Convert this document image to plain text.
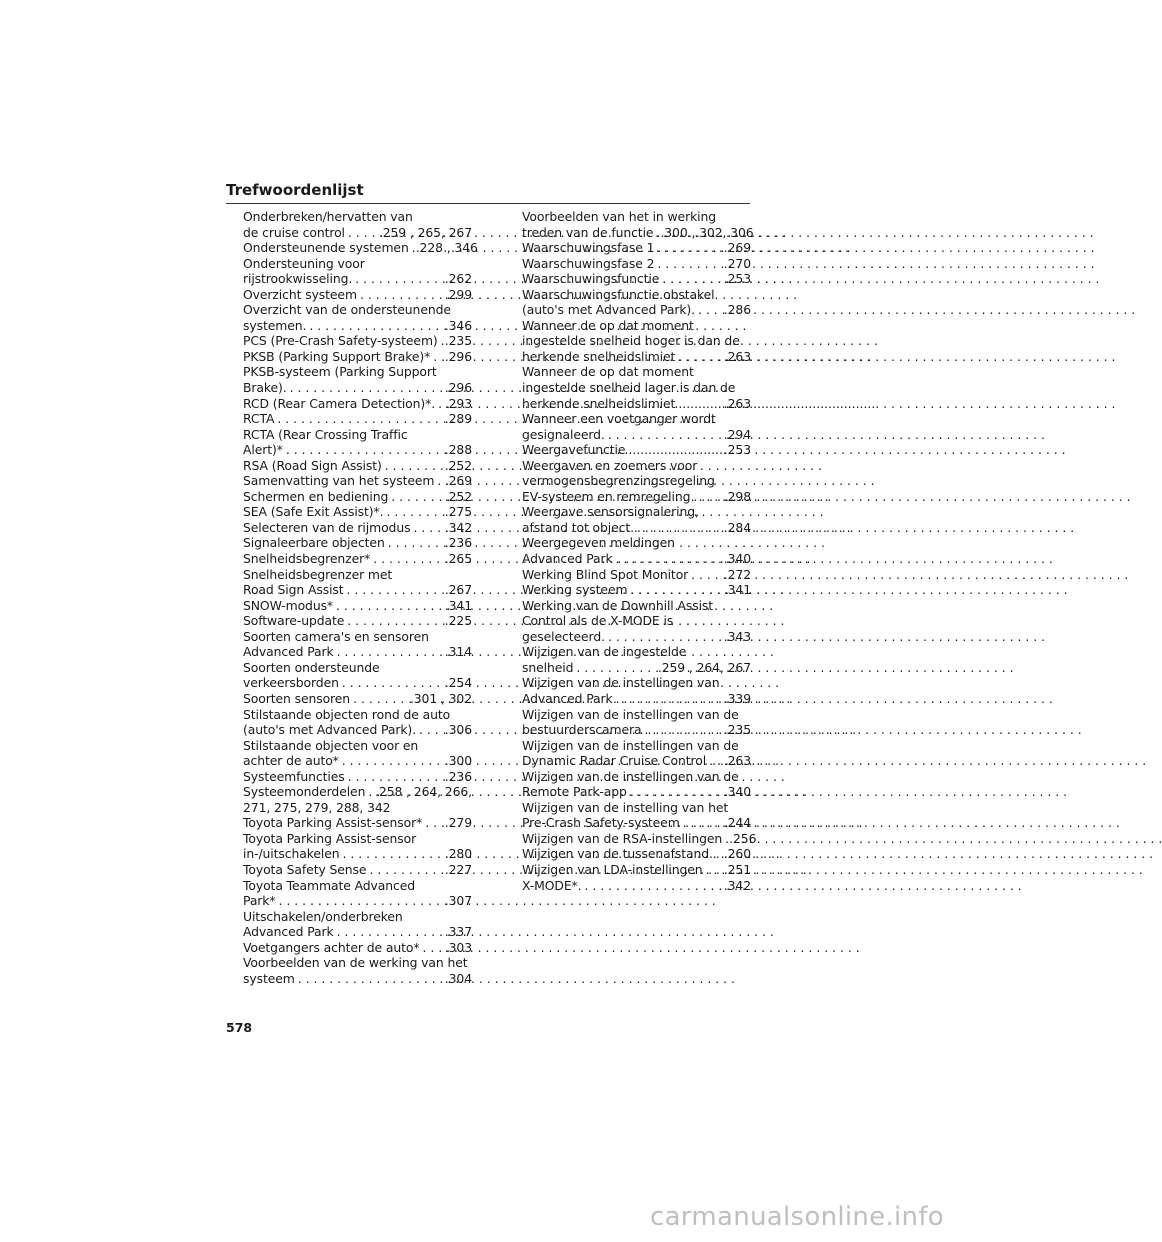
Trefwoordenlijst
Onderbreken/hervatten van
de cruise control . . .	.259 , 265, 267
Ondersteunende systemen . . . .228 , 346
Ondersteuning voor
rijstrookwisseling. . . .	.262
Overzicht systeem . . .	.299
Overzicht van de ondersteunende
systemen. . . .	.346
PCS (Pre-Crash Safety-systeem) . . . .235
PKSB (Parking Support Brake)* . . . .296
PKSB-systeem (Parking Support
Brake). . . .	.296
RCD (Rear Camera Detection)*. . . . .293
RCTA . . .	.289
RCTA (Rear Crossing Traffic
Alert)* . . .	.288
RSA (Road Sign Assist) . . .	.252
Samenvatting van het systeem . . . .269
Schermen en bediening . . .	.252
SEA (Safe Exit Assist)*. . . .	.275
Selecteren van de rijmodus . . .	.342
Signaleerbare objecten . . .	.236
Snelheidsbegrenzer* . . .	.265
Snelheidsbegrenzer met
Road Sign Assist . . .	.267
SNOW-modus* . . .	.341
Software-update . . .	.225
Soorten camera's en sensoren
Advanced Park . . .	.314
Soorten ondersteunde
verkeersborden . . .	.254
Soorten sensoren . . .	.301 , 302
Stilstaande objecten rond de auto
(auto's met Advanced Park). . . . .306
Stilstaande objecten voor en
achter de auto* . . .	.300
Systeemfuncties . . .	.236
Systeemonderdelen . . . .258 , 264, 266,
271, 275, 279, 288, 342
Toyota Parking Assist-sensor* . . . .279
Toyota Parking Assist-sensor
in-/uitschakelen . . .	.280
Toyota Safety Sense . . .	.227
Toyota Teammate Advanced
Park* . . .	.307
Uitschakelen/onderbreken
Advanced Park . . .	.337
Voetgangers achter de auto* . . . .303
Voorbeelden van de werking van het
systeem . . .	.304
Voorbeelden van het in werking
treden van de functie . . . .300 , 302, 306
Waarschuwingsfase 1 . . .	.269
Waarschuwingsfase 2 . . .	.270
Waarschuwingsfunctie . . .	.253
Waarschuwingsfunctie obstakel
(auto's met Advanced Park). . . . .286
Wanneer de op dat moment
ingestelde snelheid hoger is dan de
herkende snelheidslimiet . . .	.263
Wanneer de op dat moment
ingestelde snelheid lager is dan de
herkende snelheidslimiet . . .	.263
Wanneer een voetganger wordt
gesignaleerd. . . .	.294
Weergavefunctie . . .	.253
Weergaven en zoemers voor
vermogensbegrenzingsregeling
EV-systeem en remregeling . . .	.298
Weergave sensorsignalering,
afstand tot object. . . .	.284
Weergegeven meldingen
Advanced Park . . .	.340
Werking Blind Spot Monitor . . .	.272
Werking systeem . . .	.341
Werking van de Downhill Assist
Control als de X-MODE is
geselecteerd. . . .	.343
Wijzigen van de ingestelde
snelheid . . .	.259 , 264, 267
Wijzigen van de instellingen van
Advanced Park . . .	.339
Wijzigen van de instellingen van de
bestuurderscamera . . .	.235
Wijzigen van de instellingen van de
Dynamic Radar Cruise Control . . . .263
Wijzigen van de instellingen van de
Remote Park-app . . .	.340
Wijzigen van de instelling van het
Pre-Crash Safety-systeem . . .	.244
Wijzigen van de RSA-instellingen . . . .256
Wijzigen van de tussenafstand. . . . .260
Wijzigen van LDA-instellingen . . . .251
X-MODE*. . . .	.342
578
carmanualsonline.info
